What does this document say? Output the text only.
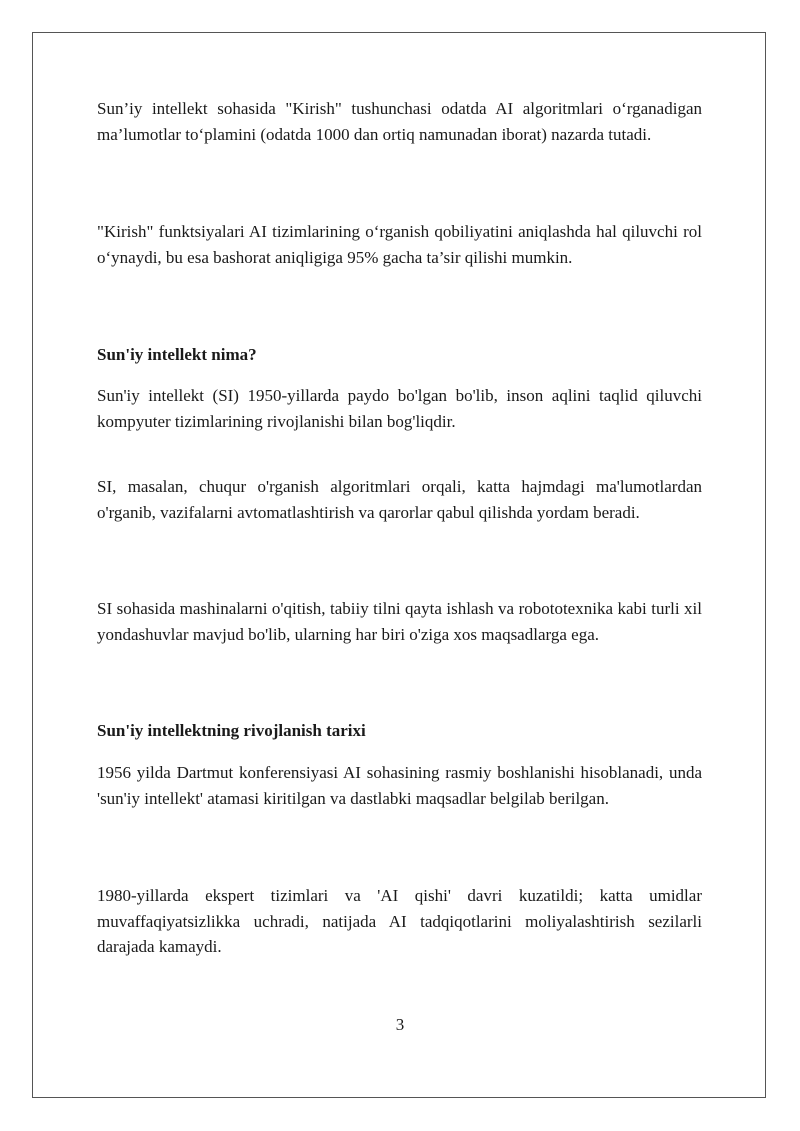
Sun’iy intellekt sohasida "Kirish" tushunchasi odatda AI algoritmlari o‘rganadigan ma’lumotlar to‘plamini (odatda 1000 dan ortiq namunadan iborat) nazarda tutadi.

"Kirish" funktsiyalari AI tizimlarining o‘rganish qobiliyatini aniqlashda hal qiluvchi rol o‘ynaydi, bu esa bashorat aniqligiga 95% gacha ta’sir qilishi mumkin.

Sun'iy intellekt nima?

Sun'iy intellekt (SI) 1950-yillarda paydo bo'lgan bo'lib, inson aqlini taqlid qiluvchi kompyuter tizimlarining rivojlanishi bilan bog'liqdir.

SI, masalan, chuqur o'rganish algoritmlari orqali, katta hajmdagi ma'lumotlardan o'rganib, vazifalarni avtomatlashtirish va qarorlar qabul qilishda yordam beradi.

SI sohasida mashinalarni o'qitish, tabiiy tilni qayta ishlash va robototexnika kabi turli xil yondashuvlar mavjud bo'lib, ularning har biri o'ziga xos maqsadlarga ega.

Sun'iy intellektning rivojlanish tarixi

1956 yilda Dartmut konferensiyasi AI sohasining rasmiy boshlanishi hisoblanadi, unda 'sun'iy intellekt' atamasi kiritilgan va dastlabki maqsadlar belgilab berilgan.

1980-yillarda ekspert tizimlari va 'AI qishi' davri kuzatildi; katta umidlar muvaffaqiyatsizlikka uchradi, natijada AI tadqiqotlarini moliyalashtirish sezilarli darajada kamaydi.

3
